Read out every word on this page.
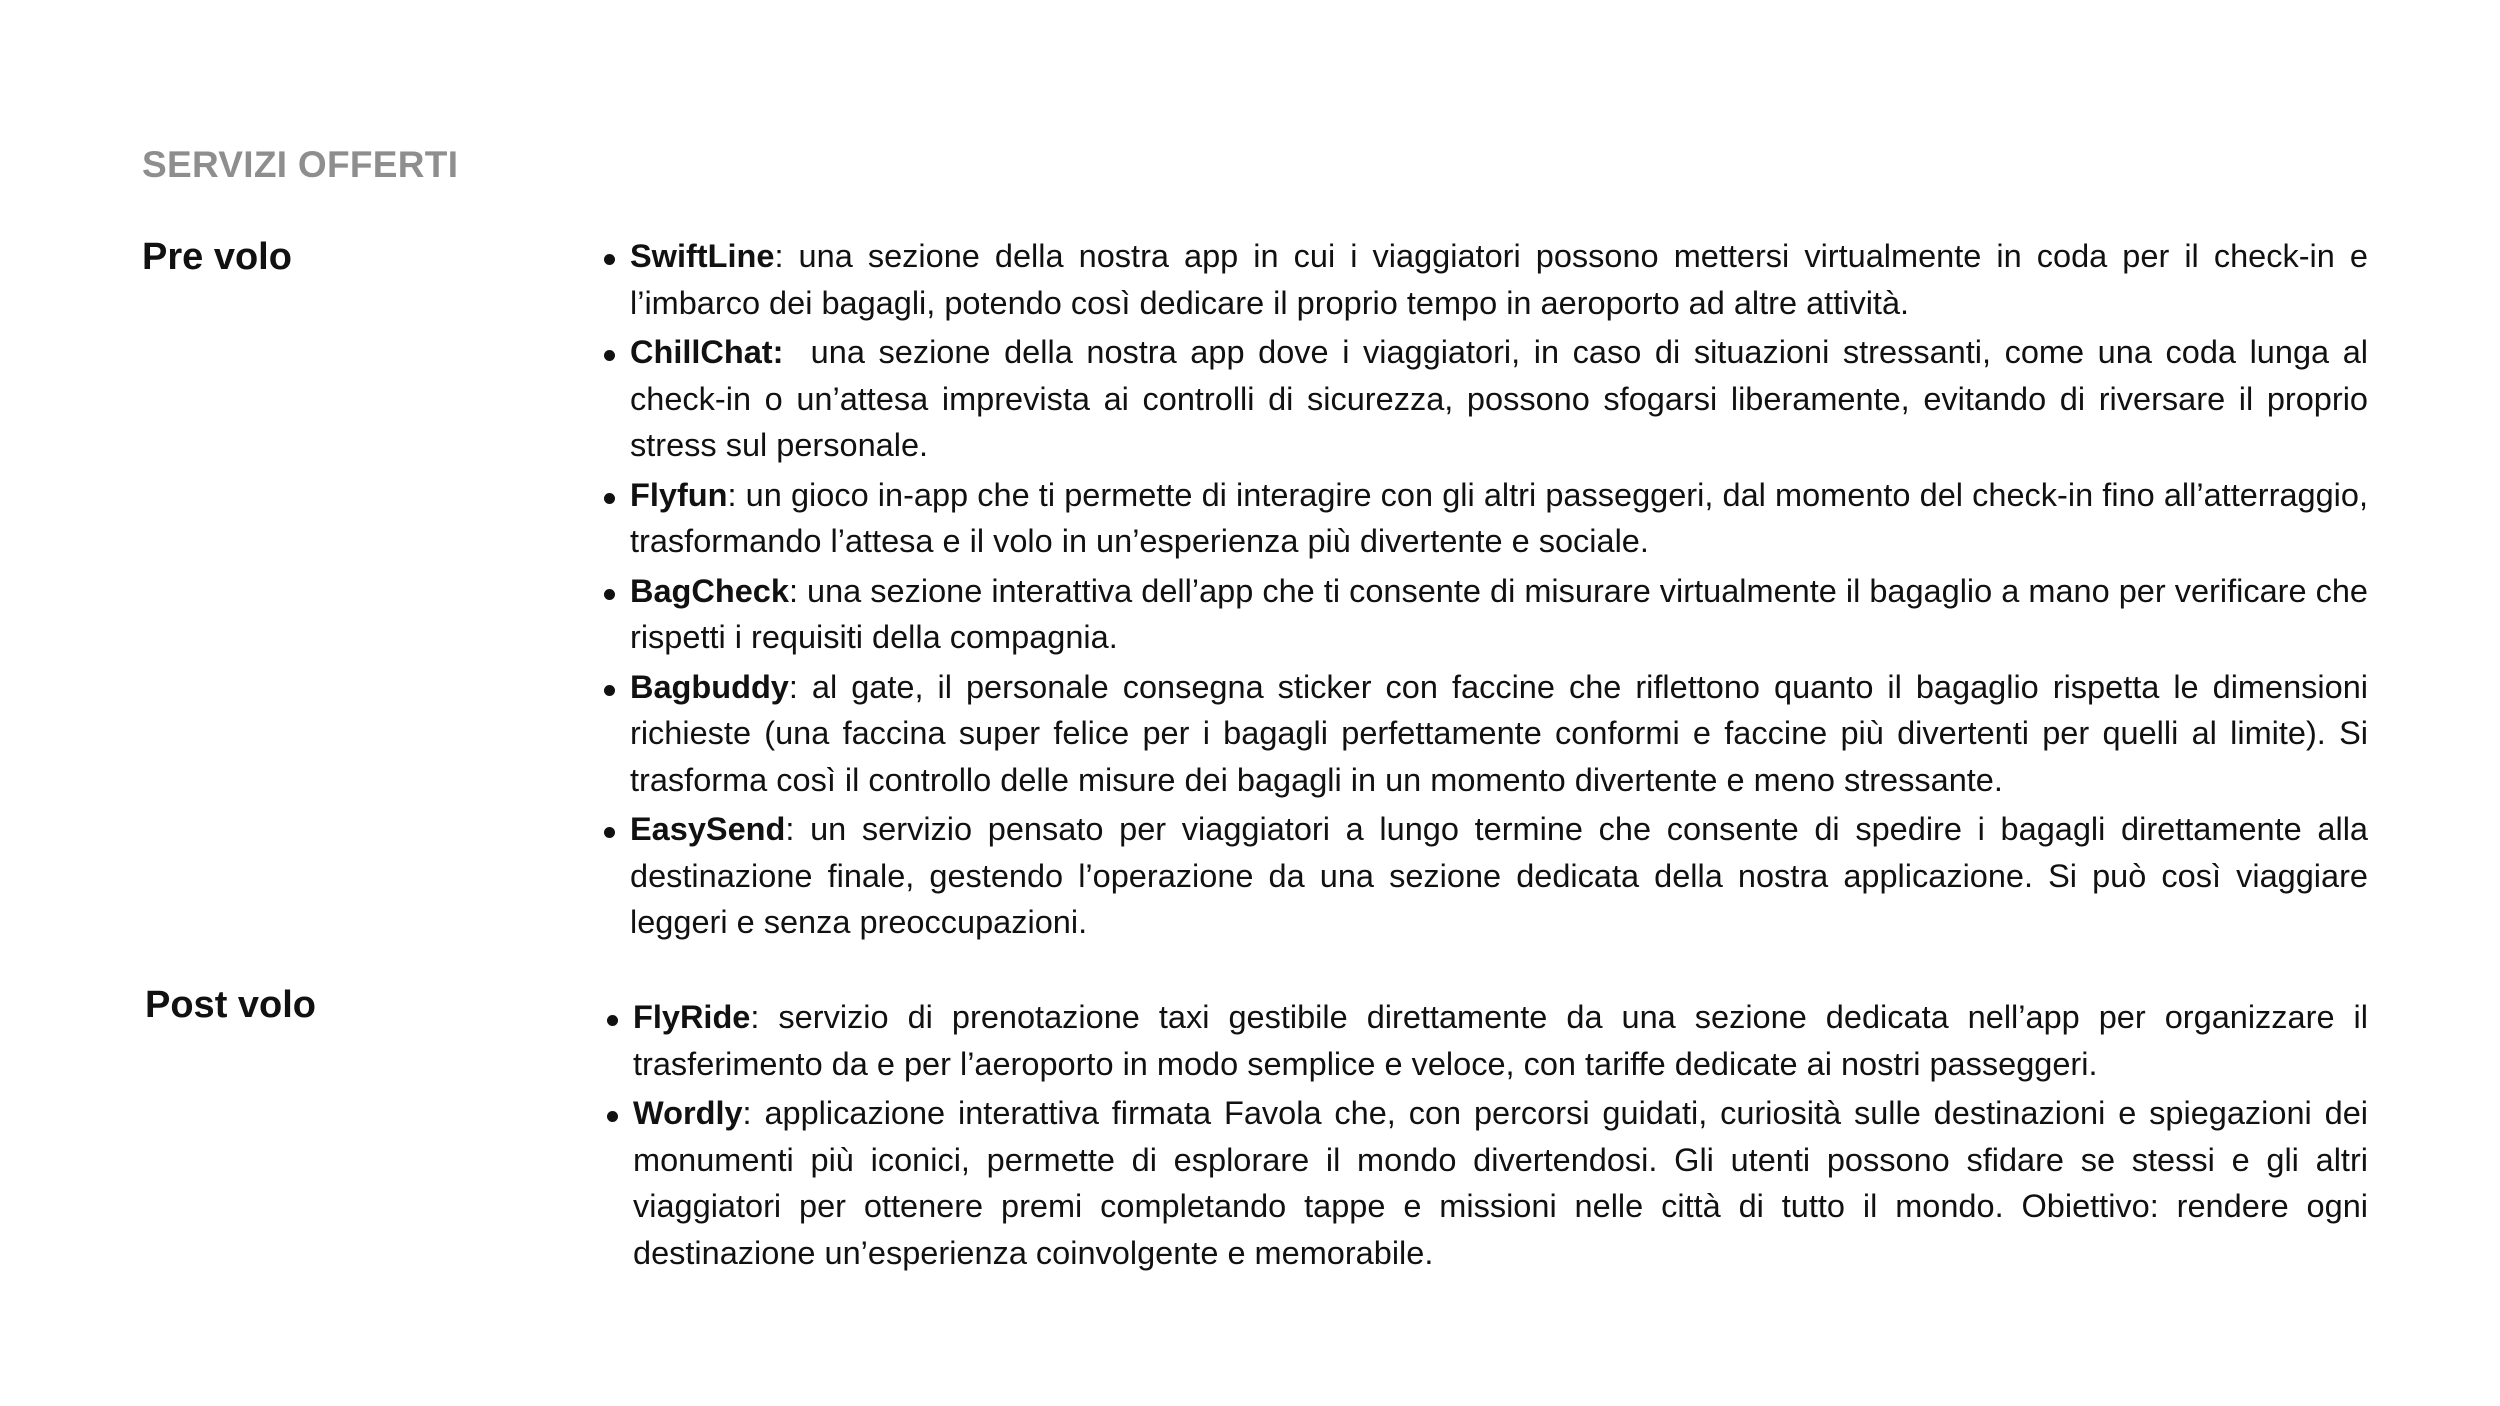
SERVIZI OFFERTI
Pre volo	SwiftLine: una sezione della nostra app in cui i viaggiatori possono mettersi virtualmente in coda per il check-in e l’imbarco dei bagagli, potendo così dedicare il proprio tempo in aeroporto ad altre attività.
ChillChat:  una sezione della nostra app dove i viaggiatori, in caso di situazioni stressanti, come una coda lunga al check-in o un’attesa imprevista ai controlli di sicurezza, possono sfogarsi liberamente, evitando di riversare il proprio stress sul personale.
Flyfun: un gioco in-app che ti permette di interagire con gli altri passeggeri, dal momento del check-in fino all’atterraggio, trasformando l’attesa e il volo in un’esperienza più divertente e sociale.
BagCheck: una sezione interattiva dell’app che ti consente di misurare virtualmente il bagaglio a mano per verificare che rispetti i requisiti della compagnia.
Bagbuddy: al gate, il personale consegna sticker con faccine che riflettono quanto il bagaglio rispetta le dimensioni richieste (una faccina super felice per i bagagli perfettamente conformi e faccine più divertenti per quelli al limite). Si trasforma così il controllo delle misure dei bagagli in un momento divertente e meno stressante.
EasySend: un servizio pensato per viaggiatori a lungo termine che consente di spedire i bagagli direttamente alla destinazione finale, gestendo l’operazione da una sezione dedicata della nostra applicazione. Si può così viaggiare leggeri e senza preoccupazioni.
Post volo	FlyRide: servizio di prenotazione taxi gestibile direttamente da una sezione dedicata nell’app per organizzare il trasferimento da e per l’aeroporto in modo semplice e veloce, con tariffe dedicate ai nostri passeggeri.
Wordly: applicazione interattiva firmata Favola che, con percorsi guidati, curiosità sulle destinazioni e spiegazioni dei monumenti più iconici, permette di esplorare il mondo divertendosi. Gli utenti possono sfidare se stessi e gli altri viaggiatori per ottenere premi completando tappe e missioni nelle città di tutto il mondo. Obiettivo: rendere ogni destinazione un’esperienza coinvolgente e memorabile.
